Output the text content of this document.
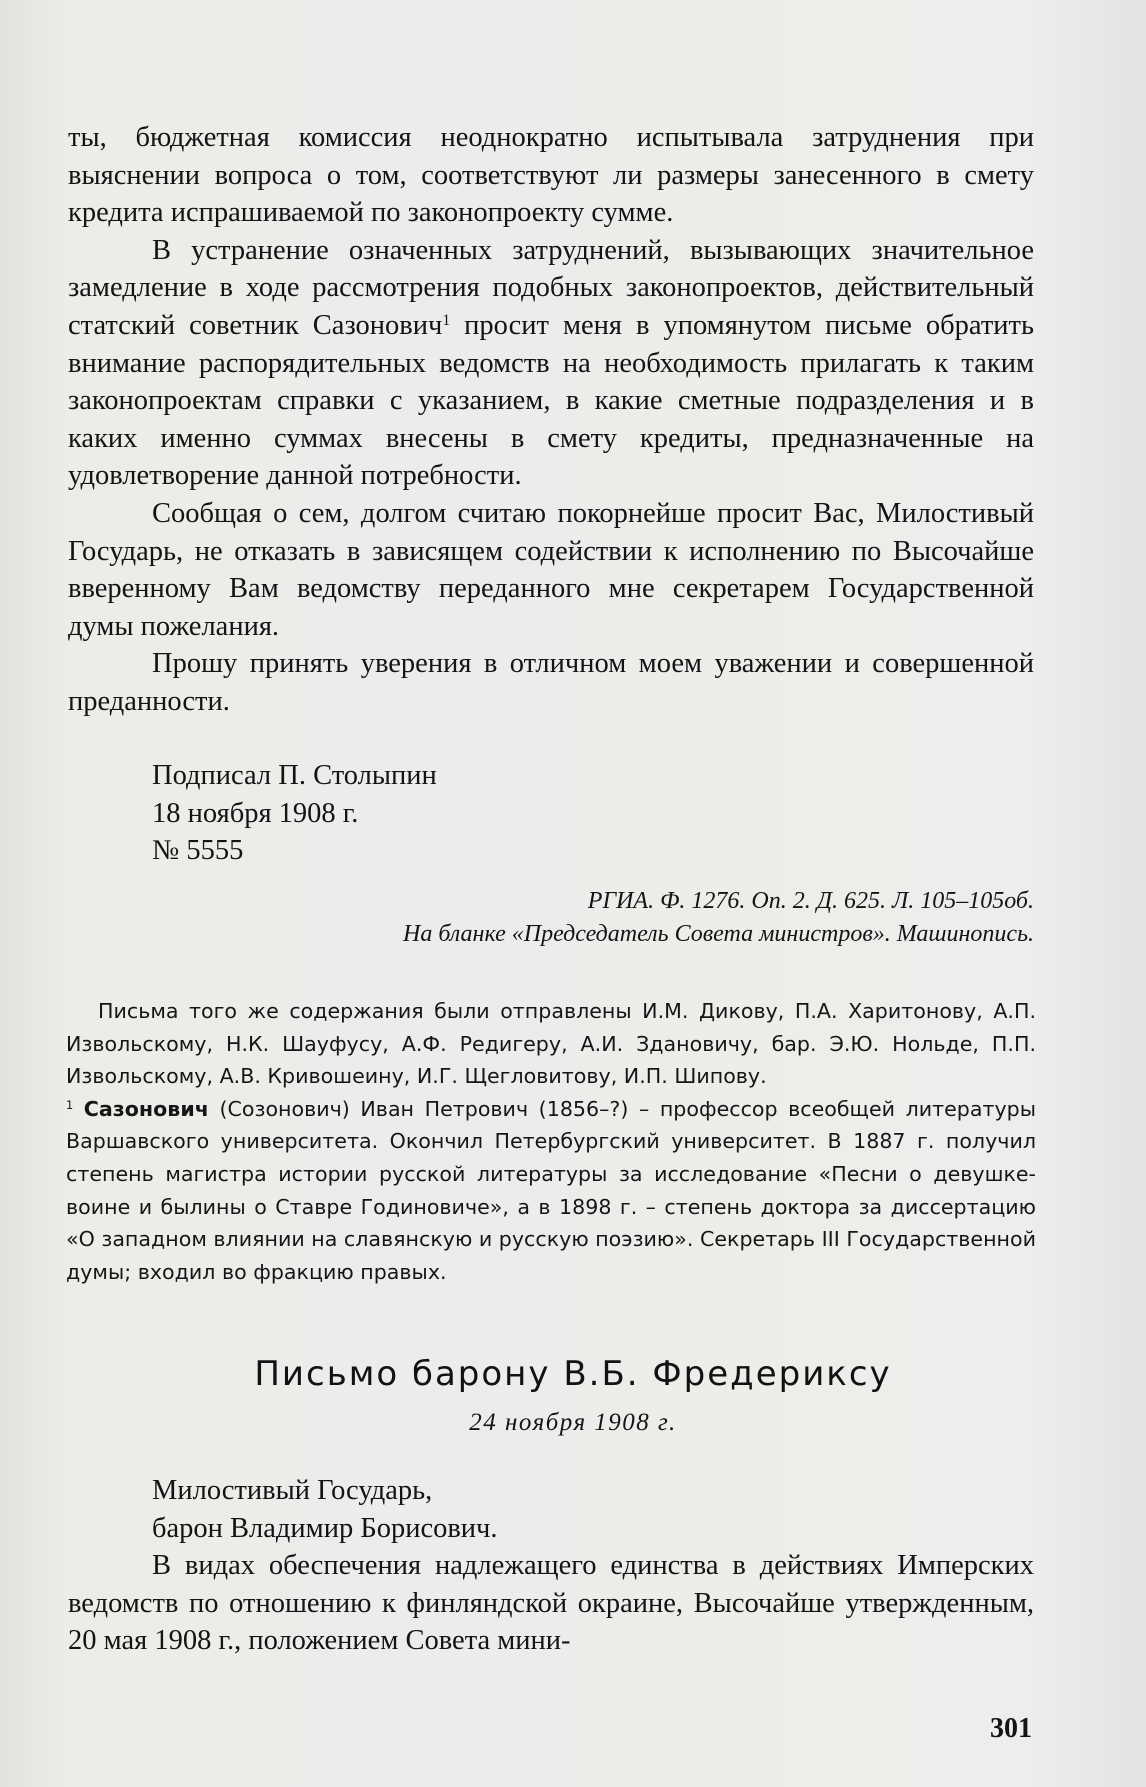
ты, бюджетная комиссия неоднократно испытывала затруднения при выяснении вопроса о том, соответствуют ли размеры занесенного в смету кредита испрашиваемой по законопроекту сумме.

В устранение означенных затруднений, вызывающих значительное замедление в ходе рассмотрения подобных законопроектов, действительный статский советник Сазонович$^1$ просит меня в упомянутом письме обратить внимание распорядительных ведомств на необходимость прилагать к таким законопроектам справки с указанием, в какие сметные подразделения и в каких именно суммах внесены в смету кредиты, предназначенные на удовлетворение данной потребности.

Сообщая о сем, долгом считаю покорнейше просит Вас, Милостивый Государь, не отказать в зависящем содействии к исполнению по Высочайше вверенному Вам ведомству переданного мне секретарем Государственной думы пожелания.

Прошу принять уверения в отличном моем уважении и совершенной преданности.

Подписал П. Столыпин
18 ноября 1908 г.
№ 5555
РГИА. Ф. 1276. Оп. 2. Д. 625. Л. 105–105об.
На бланке «Председатель Совета министров». Машинопись.

Письма того же содержания были отправлены И.М. Дикову, П.А. Харитонову, А.П. Извольскому, Н.К. Шауфусу, А.Ф. Редигеру, А.И. Здановичу, бар. Э.Ю. Нольде, П.П. Извольскому, А.В. Кривошеину, И.Г. Щегловитову, И.П. Шипову.

$^1$ Сазонович (Созонович) Иван Петрович (1856–?) – профессор всеобщей литературы Варшавского университета. Окончил Петербургский университет. В 1887 г. получил степень магистра истории русской литературы за исследование «Песни о девушке-воине и былины о Ставре Годиновиче», а в 1898 г. – степень доктора за диссертацию «О западном влиянии на славянскую и русскую поэзию». Секретарь III Государственной думы; входил во фракцию правых.

Письмо барону В.Б. Фредериксу
24 ноября 1908 г.

Милостивый Государь,

барон Владимир Борисович.

В видах обеспечения надлежащего единства в действиях Имперских ведомств по отношению к финляндской окраине, Высочайше утвержденным, 20 мая 1908 г., положением Совета мини-

301
